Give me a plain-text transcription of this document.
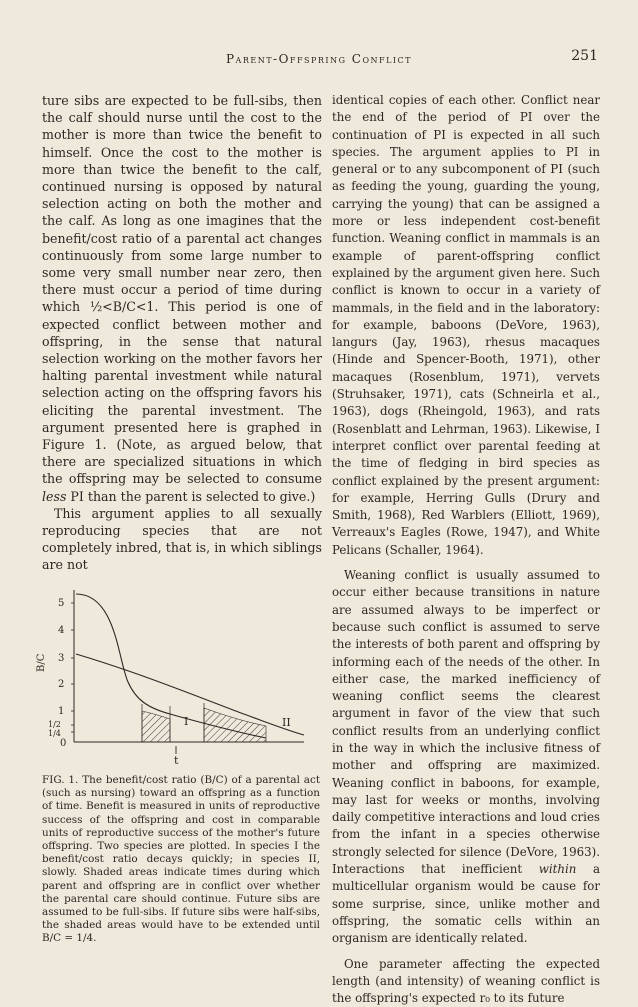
Parent-Offspring Conflict	251

ture sibs are expected to be full-sibs, then the calf should nurse until the cost to the mother is more than twice the benefit to himself. Once the cost to the mother is more than twice the benefit to the calf, continued nursing is opposed by natural selection acting on both the mother and the calf. As long as one imagines that the benefit/cost ratio of a parental act changes continuously from some large number to some very small number near zero, then there must occur a period of time during which ½<B/C<1. This period is one of expected conflict between mother and offspring, in the sense that natural selection working on the mother favors her halting parental investment while natural selection acting on the offspring favors his eliciting the parental investment. The argument presented here is graphed in Figure 1. (Note, as argued below, that there are specialized situations in which the offspring may be selected to consume less PI than the parent is selected to give.)

This argument applies to all sexually reproducing species that are not completely inbred, that is, in which siblings are not

identical copies of each other. Conflict near the end of the period of PI over the continuation of PI is expected in all such species. The argument applies to PI in general or to any subcomponent of PI (such as feeding the young, guarding the young, carrying the young) that can be assigned a more or less independent cost-benefit function. Weaning conflict in mammals is an example of parent-offspring conflict explained by the argument given here. Such conflict is known to occur in a variety of mammals, in the field and in the laboratory: for example, baboons (DeVore, 1963), langurs (Jay, 1963), rhesus macaques (Hinde and Spencer-Booth, 1971), other macaques (Rosenblum, 1971), vervets (Struhsaker, 1971), cats (Schneirla et al., 1963), dogs (Rheingold, 1963), and rats (Rosenblatt and Lehrman, 1963). Likewise, I interpret conflict over parental feeding at the time of fledging in bird species as conflict explained by the present argument: for example, Herring Gulls (Drury and Smith, 1968), Red Warblers (Elliott, 1969), Verreaux's Eagles (Rowe, 1947), and White Pelicans (Schaller, 1964).

Weaning conflict is usually assumed to occur either because transitions in nature are assumed always to be imperfect or because such conflict is assumed to serve the interests of both parent and offspring by informing each of the needs of the other. In either case, the marked inefficiency of weaning conflict seems the clearest argument in favor of the view that such conflict results from an underlying conflict in the way in which the inclusive fitness of mother and offspring are maximized. Weaning conflict in baboons, for example, may last for weeks or months, involving daily competitive interactions and loud cries from the infant in a species otherwise strongly selected for silence (DeVore, 1963). Interactions that inefficient within a multicellular organism would be cause for some surprise, since, unlike mother and offspring, the somatic cells within an organism are identically related.

One parameter affecting the expected length (and intensity) of weaning conflict is the offspring's expected r₀ to its future

5
4
3
2
1
1/2
1/4
0
B/C
I	II
t
FIG. 1. The benefit/cost ratio (B/C) of a parental act (such as nursing) toward an offspring as a function of time. Benefit is measured in units of reproductive success of the offspring and cost in comparable units of reproductive success of the mother's future offspring. Two species are plotted. In species I the benefit/cost ratio decays quickly; in species II, slowly. Shaded areas indicate times during which parent and offspring are in conflict over whether the parental care should continue. Future sibs are assumed to be full-sibs. If future sibs were half-sibs, the shaded areas would have to be extended until B/C = 1/4.
